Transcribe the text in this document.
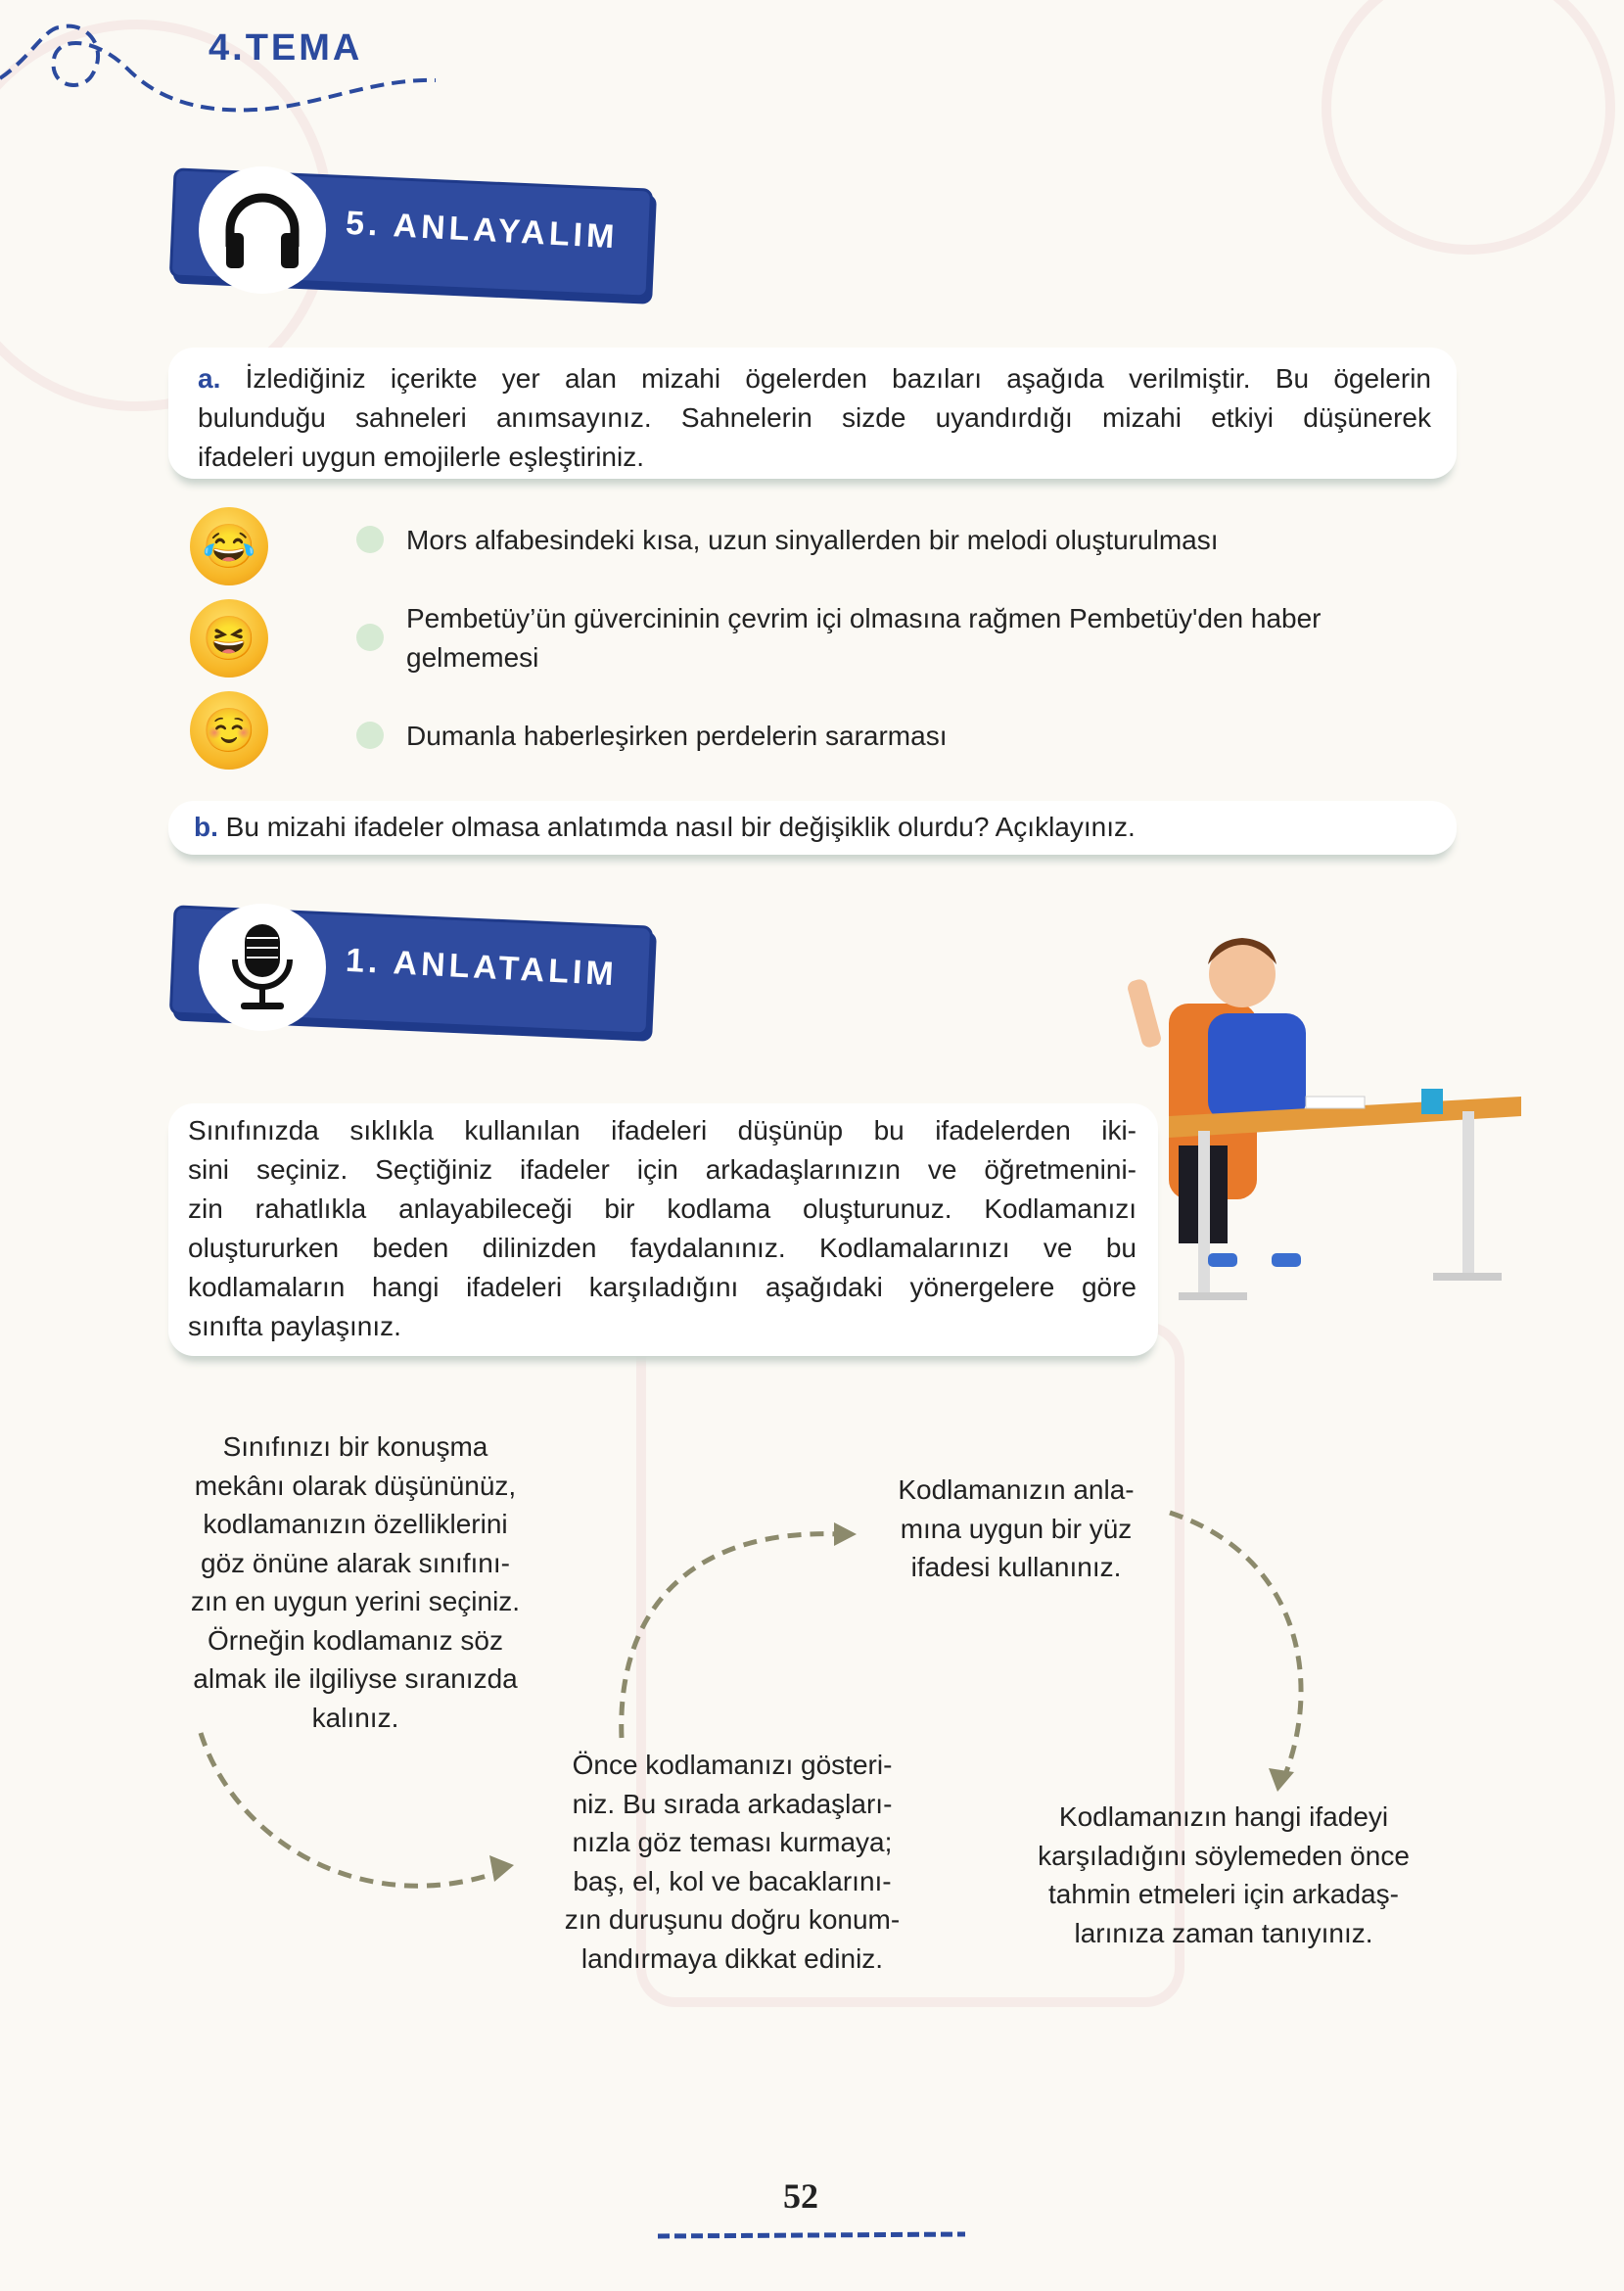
4.TEMA
5. ANLAYALIM
a. İzlediğiniz içerikte yer alan mizahi ögelerden bazıları aşağıda verilmiştir. Bu ögelerin
bulunduğu sahneleri anımsayınız. Sahnelerin sizde uyandırdığı mizahi etkiyi düşünerek
ifadeleri uygun emojilerle eşleştiriniz.
😂
😆
☺️
Mors alfabesindeki kısa, uzun sinyallerden bir melodi oluşturulması
Pembetüy’ün güvercininin çevrim içi olmasına rağmen Pembetüy'den haber
gelmemesi
Dumanla haberleşirken perdelerin sararması
b. Bu mizahi ifadeler olmasa anlatımda nasıl bir değişiklik olurdu? Açıklayınız.
1. ANLATALIM
Sınıfınızda sıklıkla kullanılan ifadeleri düşünüp bu ifadelerden iki-
sini seçiniz. Seçtiğiniz ifadeler için arkadaşlarınızın ve öğretmenini-
zin rahatlıkla anlayabileceği bir kodlama oluşturunuz. Kodlamanızı
oluştururken beden dilinizden faydalanınız. Kodlamalarınızı ve bu
kodlamaların hangi ifadeleri karşıladığını aşağıdaki yönergelere göre
sınıfta paylaşınız.
Sınıfınızı bir konuşma
mekânı olarak düşününüz,
kodlamanızın özelliklerini
göz önüne alarak sınıfını-
zın en uygun yerini seçiniz.
Örneğin kodlamanız söz
almak ile ilgiliyse sıranızda
kalınız.
Önce kodlamanızı gösteri-
niz. Bu sırada arkadaşları-
nızla göz teması kurmaya;
baş, el, kol ve bacaklarını-
zın duruşunu doğru konum-
landırmaya dikkat ediniz.
Kodlamanızın anla-
mına uygun bir yüz
ifadesi kullanınız.
Kodlamanızın hangi ifadeyi
karşıladığını söylemeden önce
tahmin etmeleri için arkadaş-
larınıza zaman tanıyınız.
52
